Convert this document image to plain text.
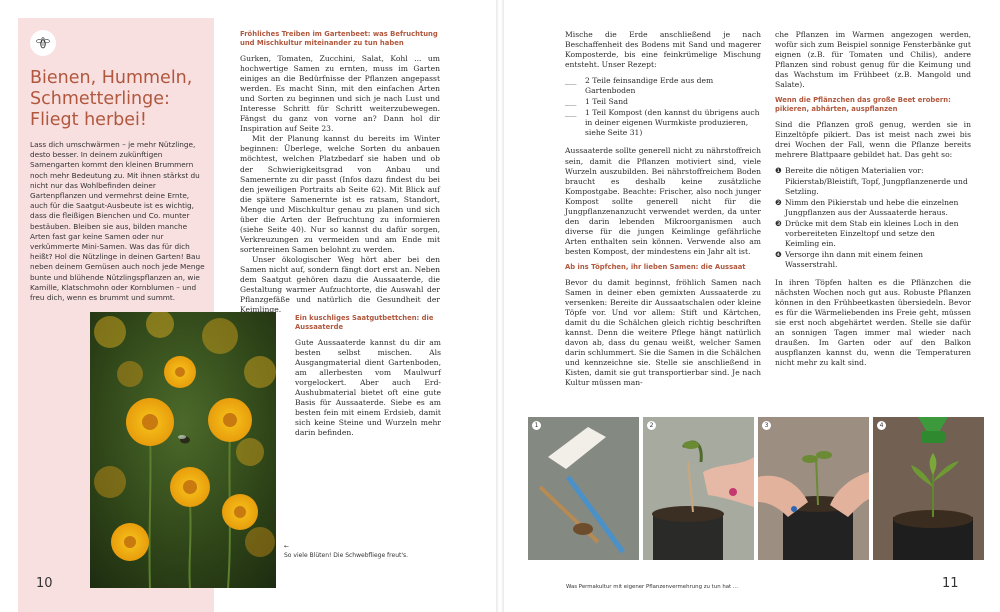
Bienen, Hummeln, Schmetterlinge: Fliegt herbei!
Lass dich umschwärmen – je mehr Nützlinge, desto besser. In deinem zukünftigen Samengarten kommt den kleinen Brummern noch mehr Bedeutung zu. Mit ihnen stärkst du nicht nur das Wohlbefinden deiner Gartenpflanzen und vermehrst deine Ernte, auch für die Saatgut-Ausbeute ist es wichtig, dass die fleißigen Bienchen und Co. munter bestäuben. Bleiben sie aus, bilden manche Arten fast gar keine Samen oder nur verkümmerte Mini-Samen. Was das für dich heißt? Hol die Nützlinge in deinen Garten! Bau neben deinem Gemüsen auch noch jede Menge bunte und blühende Nützlingspflanzen an, wie Kamille, Klatschmohn oder Kornblumen – und freu dich, wenn es brummt und summt.
←
So viele Blüten! Die Schwebfliege freut's.
Fröhliches Treiben im Gartenbeet: was Befruchtung und Mischkultur miteinander zu tun haben

Gurken, Tomaten, Zucchini, Salat, Kohl ... um hochwertige Samen zu ernten, muss im Garten einiges an die Bedürfnisse der Pflanzen angepasst werden. Es macht Sinn, mit den einfachen Arten und Sorten zu beginnen und sich je nach Lust und Interesse Schritt für Schritt weiterzubewegen. Fängst du ganz von vorne an? Dann hol dir Inspiration auf Seite 23.

Mit der Planung kannst du bereits im Winter beginnen: Überlege, welche Sorten du anbauen möchtest, welchen Platzbedarf sie haben und ob der Schwierigkeitsgrad von Anbau und Samenernte zu dir passt (Infos dazu findest du bei den jeweiligen Portraits ab Seite 62). Mit Blick auf die spätere Samenernte ist es ratsam, Standort, Menge und Mischkultur genau zu planen und sich über die Arten der Befruchtung zu informieren (siehe Seite 40). Nur so kannst du dafür sorgen, Verkreuzungen zu vermeiden und am Ende mit sortenreinen Samen belohnt zu werden.

Unser ökologischer Weg hört aber bei den Samen nicht auf, sondern fängt dort erst an. Neben dem Saatgut gehören dazu die Aussaaterde, die Gestaltung warmer Aufzuchtorte, die Auswahl der Pflanzgefäße und natürlich die Gesundheit der Keimlinge.

Ein kuschliges Saatgutbettchen: die Aussaaterde

Gute Aussaaterde kannst du dir am besten selbst mischen. Als Ausgangmaterial dient Gartenboden, am allerbesten vom Maulwurf vorgelockert. Aber auch Erd-Aushubmaterial bietet oft eine gute Basis für Aussaaterde. Siebe es am besten fein mit einem Erdsieb, damit sich keine Steine und Wurzeln mehr darin befinden.

10

Mische die Erde anschließend je nach Beschaffenheit des Bodens mit Sand und magerer Komposterde, bis eine feinkrümelige Mischung entsteht. Unser Rezept:

___	2 Teile feinsandige Erde aus dem Gartenboden
___	1 Teil Sand
___	1 Teil Kompost (den kannst du übrigens auch in deiner eigenen Wurmkiste produzieren, siehe Seite 31)

Aussaaterde sollte generell nicht zu nährstoffreich sein, damit die Pflanzen motiviert sind, viele Wurzeln auszubilden. Bei nährstoffreichem Boden braucht es deshalb keine zusätzliche Kompostgabe. Beachte: Frischer, also noch junger Kompost sollte generell nicht für die Jungpflanzenanzucht verwendet werden, da unter den darin lebenden Mikroorganismen auch diverse für die jungen Keimlinge gefährliche Arten enthalten sein können. Verwende also am besten Kompost, der mindestens ein Jahr alt ist.

Ab ins Töpfchen, ihr lieben Samen: die Aussaat

Bevor du damit beginnst, fröhlich Samen nach Samen in deiner eben gemixten Aussaaterde zu versenken: Bereite dir Aussaatschalen oder kleine Töpfe vor. Und vor allem: Stift und Kärtchen, damit du die Schälchen gleich richtig beschriften kannst. Denn die weitere Pflege hängt natürlich davon ab, dass du genau weißt, welcher Samen darin schlummert. Sie die Samen in die Schälchen und kennzeichne sie. Stelle sie anschließend in Kisten, damit sie gut transportierbar sind. Je nach Kultur müssen man-

che Pflanzen im Warmen angezogen werden, wofür sich zum Beispiel sonnige Fensterbänke gut eignen (z.B. für Tomaten und Chilis), andere Pflanzen sind robust genug für die Keimung und das Wachstum im Frühbeet (z.B. Mangold und Salate).

Wenn die Pflänzchen das große Beet erobern: pikieren, abhärten, auspflanzen

Sind die Pflanzen groß genug, werden sie in Einzeltöpfe pikiert. Das ist meist nach zwei bis drei Wochen der Fall, wenn die Pflanze bereits mehrere Blattpaare gebildet hat. Das geht so:

❶ Bereite die nötigen Materialien vor: Pikierstab/Bleistift, Topf, Jungpflanzenerde und Setzling.
❷ Nimm den Pikierstab und hebe die einzelnen Jungpflanzen aus der Aussaaterde heraus.
❸ Drücke mit dem Stab ein kleines Loch in den vorbereiteten Einzeltopf und setze den Keimling ein.
❹ Versorge ihn dann mit einem feinen Wasserstrahl.

In ihren Töpfen halten es die Pflänzchen die nächsten Wochen noch gut aus. Robuste Pflanzen können in den Frühbeetkasten übersiedeln. Bevor es für die Wärmeliebenden ins Freie geht, müssen sie erst noch abgehärtet werden. Stelle sie dafür an sonnigen Tagen immer mal wieder nach draußen. Im Garten oder auf den Balkon auspflanzen kannst du, wenn die Temperaturen nicht mehr zu kalt sind.

1	2	3	4
Was Permakultur mit eigener Pflanzenvermehrung zu tun hat ...	11
